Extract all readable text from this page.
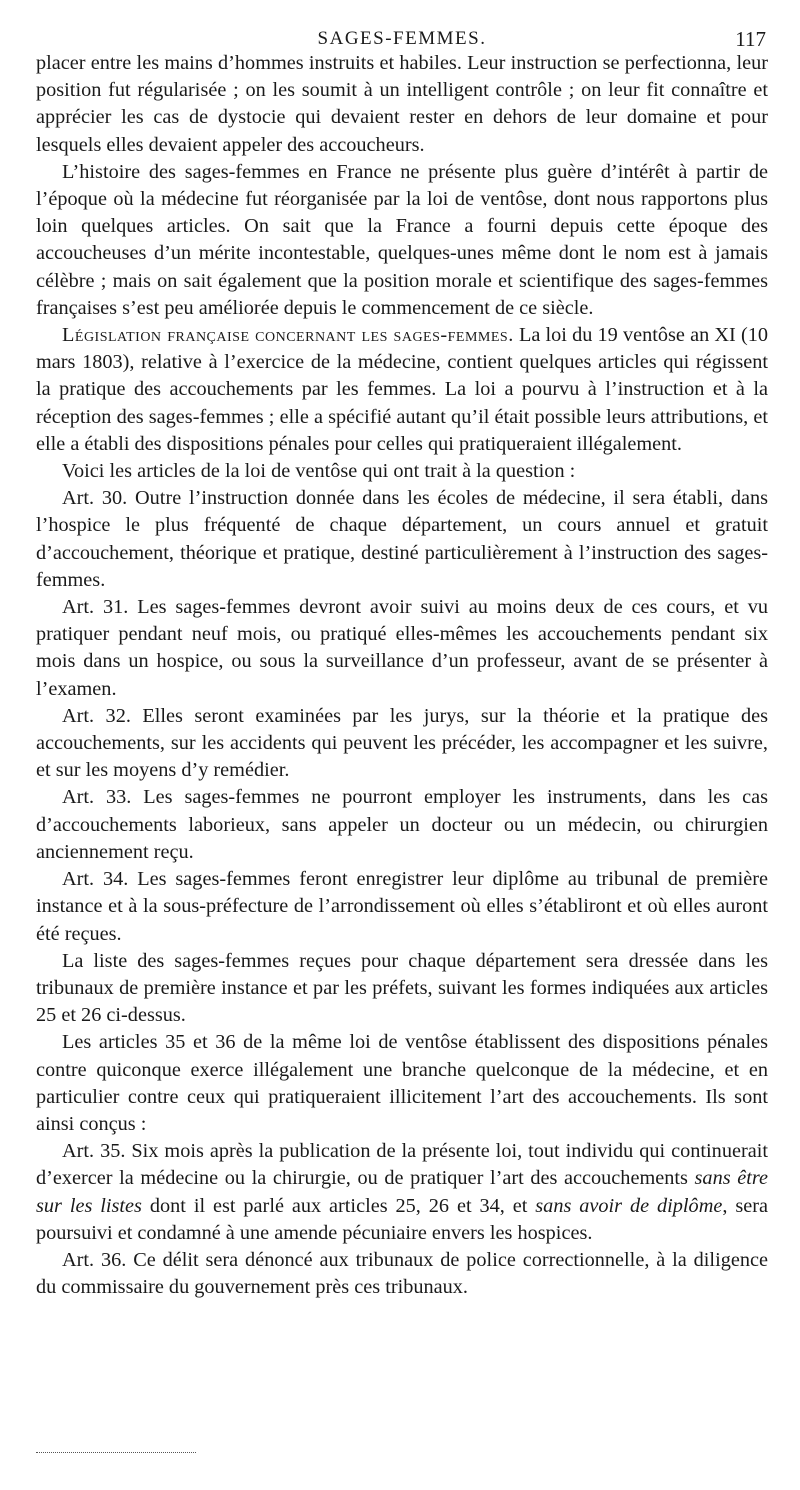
SAGES-FEMMES.	117

placer entre les mains d’hommes instruits et habiles. Leur instruction se perfectionna, leur position fut régularisée ; on les soumit à un intelligent contrôle ; on leur fit connaître et apprécier les cas de dystocie qui devaient rester en dehors de leur domaine et pour lesquels elles devaient appeler des accoucheurs.

L’histoire des sages-femmes en France ne présente plus guère d’intérêt à partir de l’époque où la médecine fut réorganisée par la loi de ventôse, dont nous rapportons plus loin quelques articles. On sait que la France a fourni depuis cette époque des accoucheuses d’un mérite incontestable, quelques-unes même dont le nom est à jamais célèbre ; mais on sait également que la position morale et scientifique des sages-femmes françaises s’est peu améliorée depuis le commencement de ce siècle.

Législation française concernant les sages-femmes. La loi du 19 ventôse an XI (10 mars 1803), relative à l’exercice de la médecine, contient quelques articles qui régissent la pratique des accouchements par les femmes. La loi a pourvu à l’instruction et à la réception des sages-femmes ; elle a spécifié autant qu’il était possible leurs attributions, et elle a établi des dispositions pénales pour celles qui pratiqueraient illégalement.

Voici les articles de la loi de ventôse qui ont trait à la question :

Art. 30. Outre l’instruction donnée dans les écoles de médecine, il sera établi, dans l’hospice le plus fréquenté de chaque département, un cours annuel et gratuit d’accouchement, théorique et pratique, destiné particulièrement à l’instruction des sages-femmes.

Art. 31. Les sages-femmes devront avoir suivi au moins deux de ces cours, et vu pratiquer pendant neuf mois, ou pratiqué elles-mêmes les accouchements pendant six mois dans un hospice, ou sous la surveillance d’un professeur, avant de se présenter à l’examen.

Art. 32. Elles seront examinées par les jurys, sur la théorie et la pratique des accouchements, sur les accidents qui peuvent les précéder, les accompagner et les suivre, et sur les moyens d’y remédier.

Art. 33. Les sages-femmes ne pourront employer les instruments, dans les cas d’accouchements laborieux, sans appeler un docteur ou un médecin, ou chirurgien anciennement reçu.

Art. 34. Les sages-femmes feront enregistrer leur diplôme au tribunal de première instance et à la sous-préfecture de l’arrondissement où elles s’établiront et où elles auront été reçues.

La liste des sages-femmes reçues pour chaque département sera dressée dans les tribunaux de première instance et par les préfets, suivant les formes indiquées aux articles 25 et 26 ci-dessus.

Les articles 35 et 36 de la même loi de ventôse établissent des dispositions pénales contre quiconque exerce illégalement une branche quelconque de la médecine, et en particulier contre ceux qui pratiqueraient illicitement l’art des accouchements. Ils sont ainsi conçus :

Art. 35. Six mois après la publication de la présente loi, tout individu qui continuerait d’exercer la médecine ou la chirurgie, ou de pratiquer l’art des accouchements sans être sur les listes dont il est parlé aux articles 25, 26 et 34, et sans avoir de diplôme, sera poursuivi et condamné à une amende pécuniaire envers les hospices.

Art. 36. Ce délit sera dénoncé aux tribunaux de police correctionnelle, à la diligence du commissaire du gouvernement près ces tribunaux.
